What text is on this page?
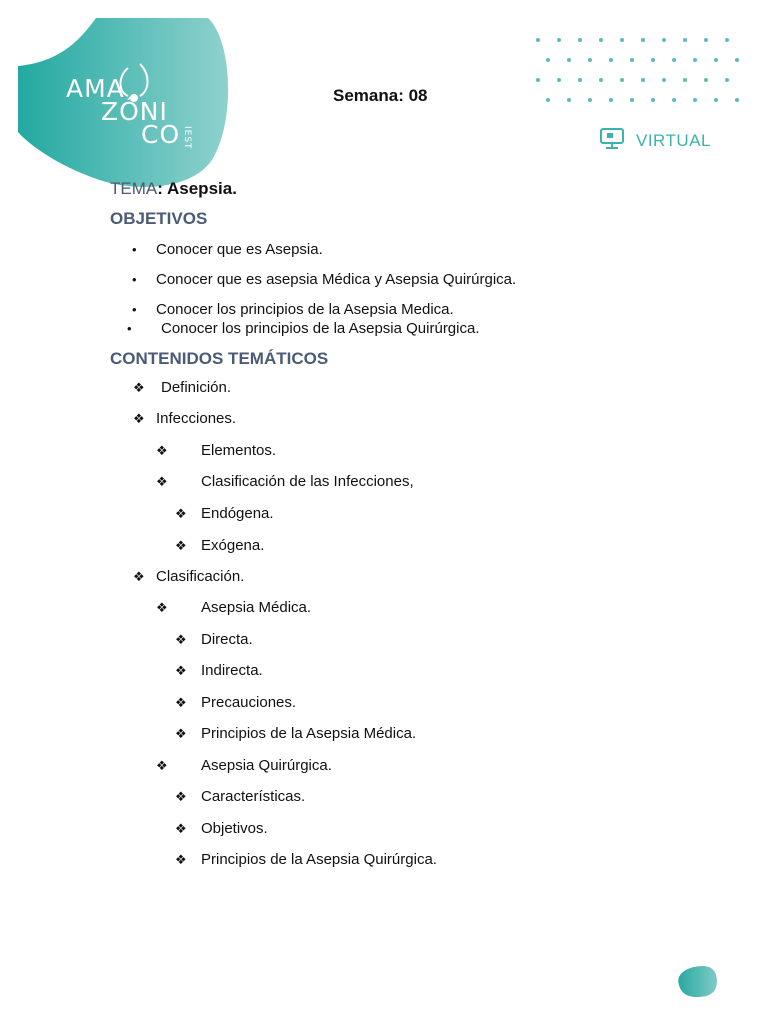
AMA
ZÓNI
CO IEST
Semana: 08
VIRTUAL
TEMA: Asepsia.
OBJETIVOS
• Conocer que es Asepsia.
• Conocer que es asepsia Médica y Asepsia Quirúrgica.
• Conocer los principios de la Asepsia Medica.
• Conocer los principios de la Asepsia Quirúrgica.
CONTENIDOS TEMÁTICOS
❖ Definición.
❖ Infecciones.
❖ Elementos.
❖ Clasificación de las Infecciones,
❖ Endógena.
❖ Exógena.
❖ Clasificación.
❖ Asepsia Médica.
❖ Directa.
❖ Indirecta.
❖ Precauciones.
❖ Principios de la Asepsia Médica.
❖ Asepsia Quirúrgica.
❖ Características.
❖ Objetivos.
❖ Principios de la Asepsia Quirúrgica.
